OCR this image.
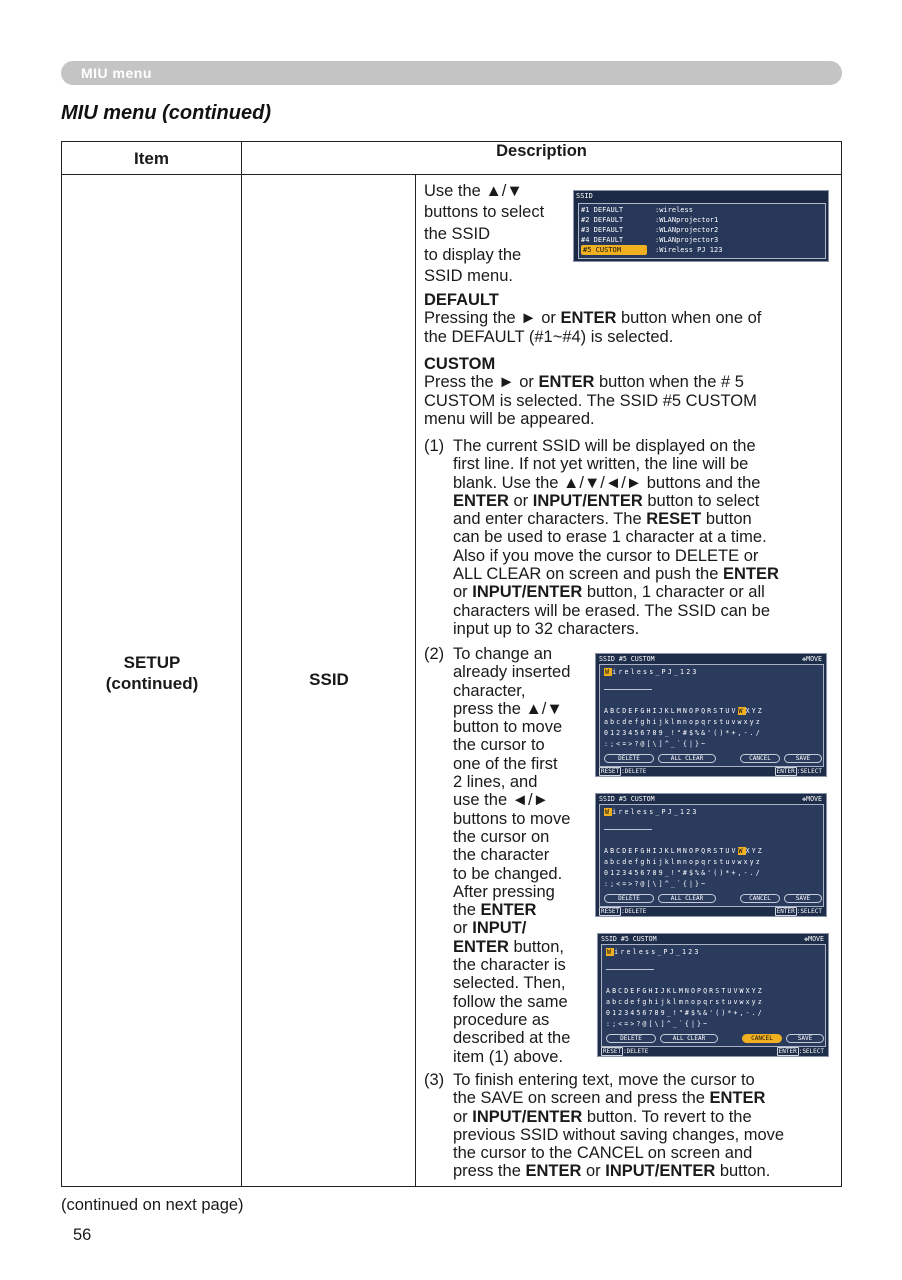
MIU menu
MIU menu (continued)
Item	Description
SETUP
(continued)	SSID
Use the ▲/▼
buttons to select
the SSID
to display the
SSID menu.
SSID
#1 DEFAULT	:wireless
#2 DEFAULT	:WLANprojector1
#3 DEFAULT	:WLANprojector2
#4 DEFAULT	:WLANprojector3
#5 CUSTOM	:Wireless PJ 123
DEFAULT
Pressing the ► or ENTER button when one of
the DEFAULT (#1~#4) is selected.
CUSTOM
Press the ► or ENTER button when the # 5
CUSTOM is selected. The SSID #5 CUSTOM
menu will be appeared.
(1) The current SSID will be displayed on the
first line. If not yet written, the line will be
blank. Use the ▲/▼/◄/► buttons and the
ENTER or INPUT/ENTER button to select
and enter characters. The RESET button
can be used to erase 1 character at a time.
Also if you move the cursor to DELETE or
ALL CLEAR on screen and push the ENTER
or INPUT/ENTER button, 1 character or all
characters will be erased. The SSID can be
input up to 32 characters.
(2) To change an
already inserted
character,
press the ▲/▼
button to move
the cursor to
one of the first
2 lines, and
use the ◄/►
buttons to move
the cursor on
the character
to be changed.
After pressing
the ENTER
or INPUT/
ENTER button,
the character is
selected. Then,
follow the same
procedure as
described at the
item (1) above.
SSID #5 CUSTOM	✥MOVE
Wireless_PJ_123
ABCDEFGHIJKLMNOPQRSTUVWXYZ
abcdefghijklmnopqrstuvwxyz
0123456789_!"#$%&'()*+,-./
:;<=>?@[\]^_`{|}~
DELETE	ALL CLEAR	CANCEL	SAVE
RESET :DELETE	ENTER :SELECT
SSID #5 CUSTOM	✥MOVE
Wireless_PJ_123
ABCDEFGHIJKLMNOPQRSTUVWXYZ
abcdefghijklmnopqrstuvwxyz
0123456789_!"#$%&'()*+,-./
:;<=>?@[\]^_`{|}~
DELETE	ALL CLEAR	CANCEL	SAVE
RESET :DELETE	ENTER :SELECT
SSID #5 CUSTOM	✥MOVE
Wireless_PJ_123
ABCDEFGHIJKLMNOPQRSTUVWXYZ
abcdefghijklmnopqrstuvwxyz
0123456789_!"#$%&'()*+,-./
:;<=>?@[\]^_`{|}~
DELETE	ALL CLEAR	CANCEL	SAVE
RESET :DELETE	ENTER :SELECT
(3) To finish entering text, move the cursor to
the SAVE on screen and press the ENTER
or INPUT/ENTER button. To revert to the
previous SSID without saving changes, move
the cursor to the CANCEL on screen and
press the ENTER or INPUT/ENTER button.
(continued on next page)
56
